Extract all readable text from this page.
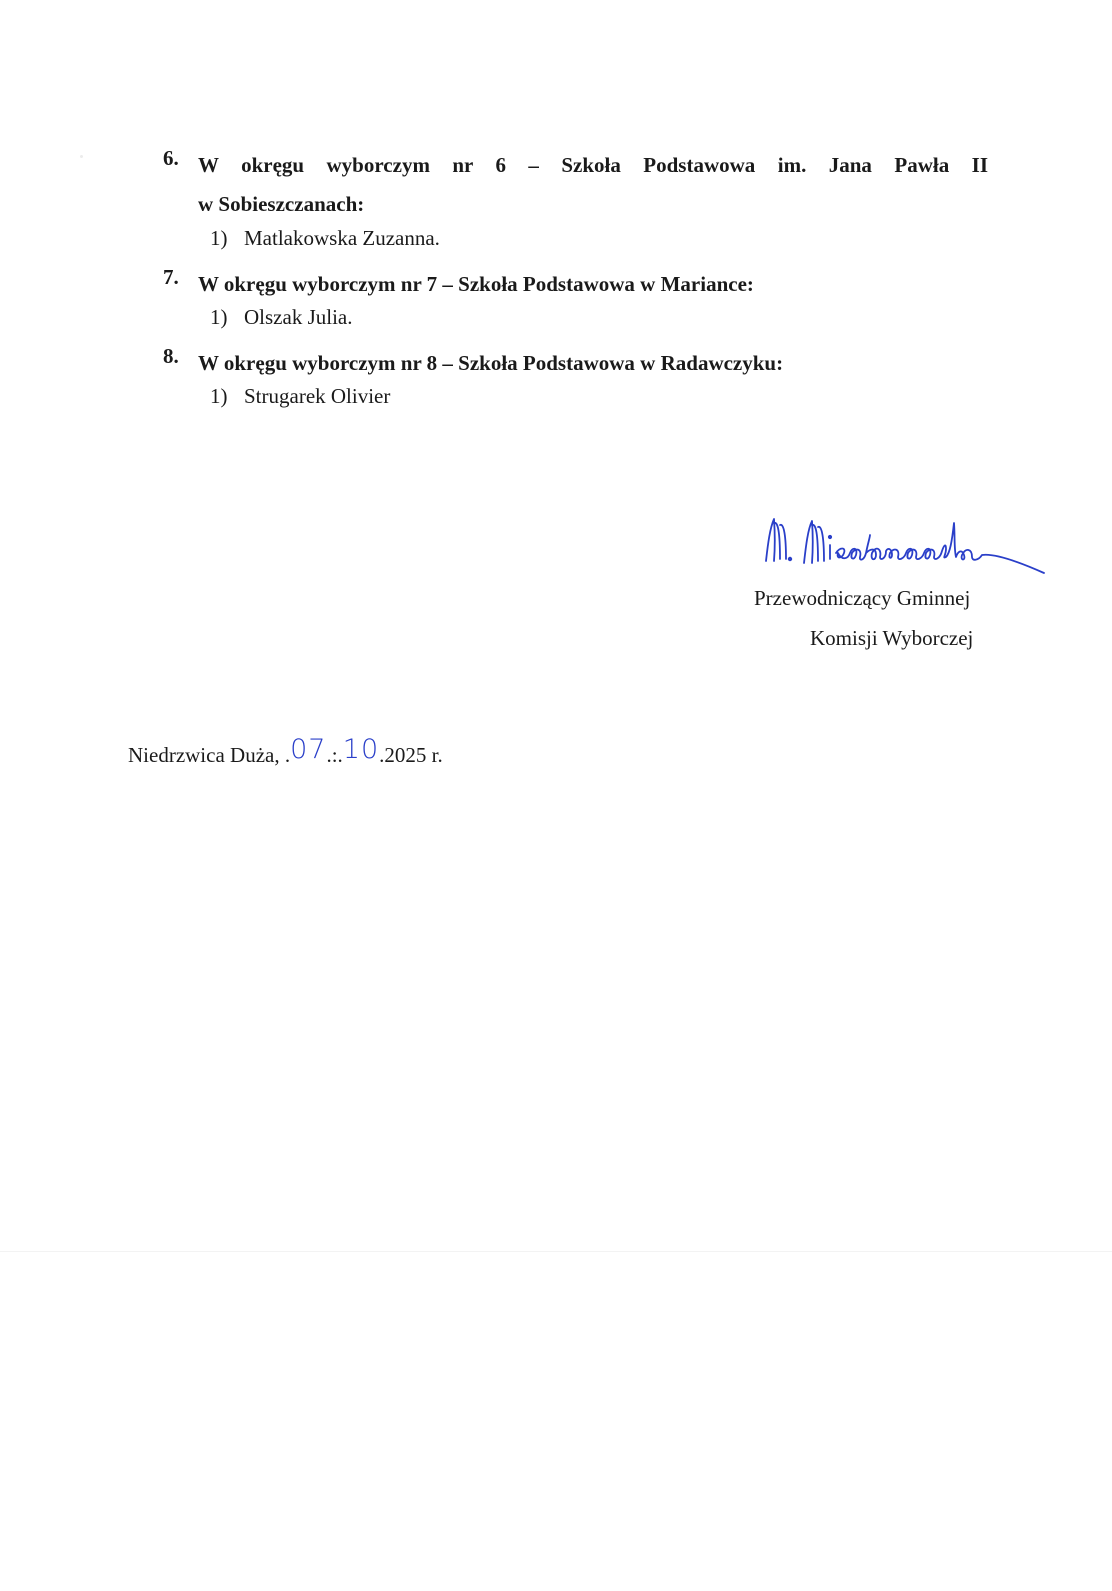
6. W okręgu wyborczym nr 6 – Szkoła Podstawowa im. Jana Pawła II
w Sobieszczanach:
1) Matlakowska Zuzanna.
7. W okręgu wyborczym nr 7 – Szkoła Podstawowa w Mariance:
1) Olszak Julia.
8. W okręgu wyborczym nr 8 – Szkoła Podstawowa w Radawczyku:
1) Strugarek Olivier
Przewodniczący Gminnej
Komisji Wyborczej
Niedrzwica Duża, .07.:.10.2025 r.
